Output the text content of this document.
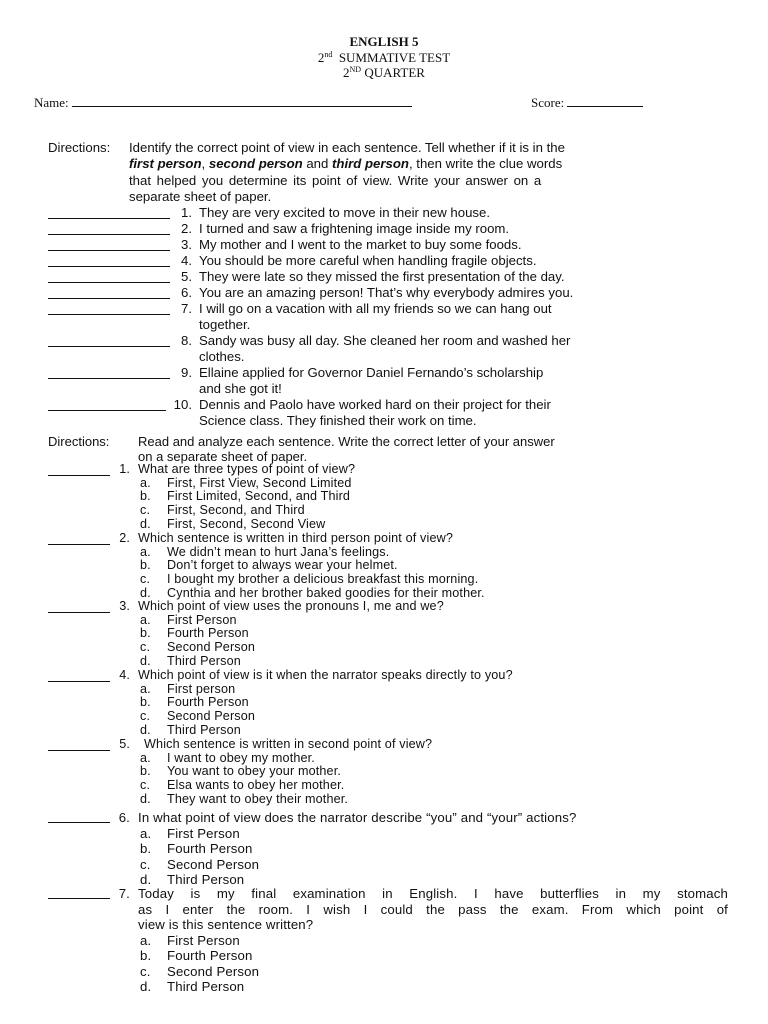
ENGLISH 5
2nd SUMMATIVE TEST
2ND QUARTER
Name:	Score:
Directions: Identify the correct point of view in each sentence. Tell whether if it is in the
first person, second person and third person, then write the clue words
that helped you determine its point of view. Write your answer on a
separate sheet of paper.
1. They are very excited to move in their new house.
2. I turned and saw a frightening image inside my room.
3. My mother and I went to the market to buy some foods.
4. You should be more careful when handling fragile objects.
5. They were late so they missed the first presentation of the day.
6. You are an amazing person! That’s why everybody admires you.
7. I will go on a vacation with all my friends so we can hang out
together.
8. Sandy was busy all day. She cleaned her room and washed her
clothes.
9. Ellaine applied for Governor Daniel Fernando’s scholarship
and she got it!
10. Dennis and Paolo have worked hard on their project for their
Science class. They finished their work on time.
Directions: Read and analyze each sentence. Write the correct letter of your answer
on a separate sheet of paper.
1. What are three types of point of view?
a. First, First View, Second Limited
b. First Limited, Second, and Third
c. First, Second, and Third
d. First, Second, Second View
2. Which sentence is written in third person point of view?
a. We didn’t mean to hurt Jana’s feelings.
b. Don’t forget to always wear your helmet.
c. I bought my brother a delicious breakfast this morning.
d. Cynthia and her brother baked goodies for their mother.
3. Which point of view uses the pronouns I, me and we?
a. First Person
b. Fourth Person
c. Second Person
d. Third Person
4. Which point of view is it when the narrator speaks directly to you?
a. First person
b. Fourth Person
c. Second Person
d. Third Person
5. Which sentence is written in second point of view?
a. I want to obey my mother.
b. You want to obey your mother.
c. Elsa wants to obey her mother.
d. They want to obey their mother.
6. In what point of view does the narrator describe “you” and “your” actions?
a. First Person
b. Fourth Person
c. Second Person
d. Third Person
7. Today is my final examination in English. I have butterflies in my stomach
as I enter the room. I wish I could the pass the exam. From which point of
view is this sentence written?
a. First Person
b. Fourth Person
c. Second Person
d. Third Person
